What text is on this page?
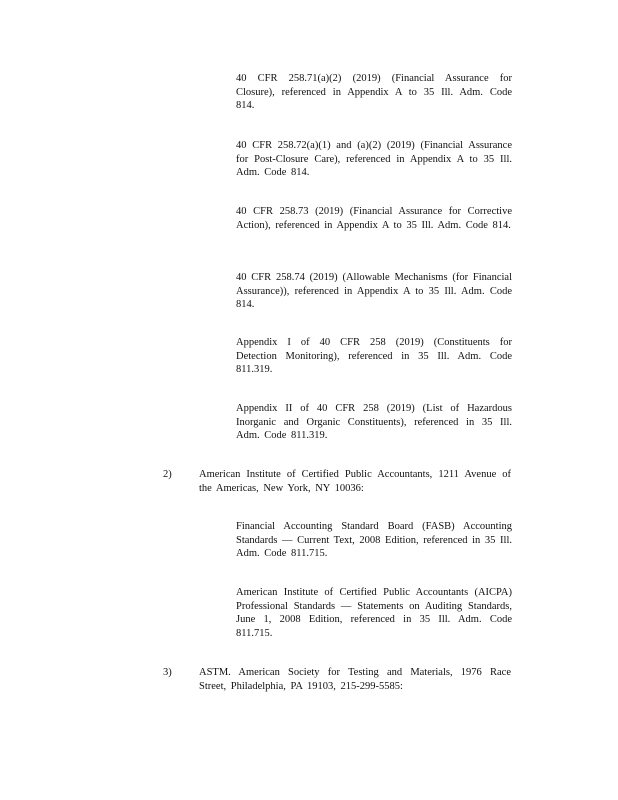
40 CFR 258.71(a)(2) (2019) (Financial Assurance for Closure), referenced in Appendix A to 35 Ill. Adm. Code 814.
40 CFR 258.72(a)(1) and (a)(2) (2019) (Financial Assurance for Post-Closure Care), referenced in Appendix A to 35 Ill. Adm. Code 814.
40 CFR 258.73 (2019) (Financial Assurance for Corrective Action), referenced in Appendix A to 35 Ill. Adm. Code 814.
40 CFR 258.74 (2019) (Allowable Mechanisms (for Financial Assurance)), referenced in Appendix A to 35 Ill. Adm. Code 814.
Appendix I of 40 CFR 258 (2019) (Constituents for Detection Monitoring), referenced in 35 Ill. Adm. Code 811.319.
Appendix II of 40 CFR 258 (2019) (List of Hazardous Inorganic and Organic Constituents), referenced in 35 Ill. Adm. Code 811.319.
2)	American Institute of Certified Public Accountants, 1211 Avenue of the Americas, New York, NY 10036:
Financial Accounting Standard Board (FASB) Accounting Standards — Current Text, 2008 Edition, referenced in 35 Ill. Adm. Code 811.715.
American Institute of Certified Public Accountants (AICPA) Professional Standards — Statements on Auditing Standards, June 1, 2008 Edition, referenced in 35 Ill. Adm. Code 811.715.
3)	ASTM. American Society for Testing and Materials, 1976 Race Street, Philadelphia, PA 19103, 215-299-5585:
